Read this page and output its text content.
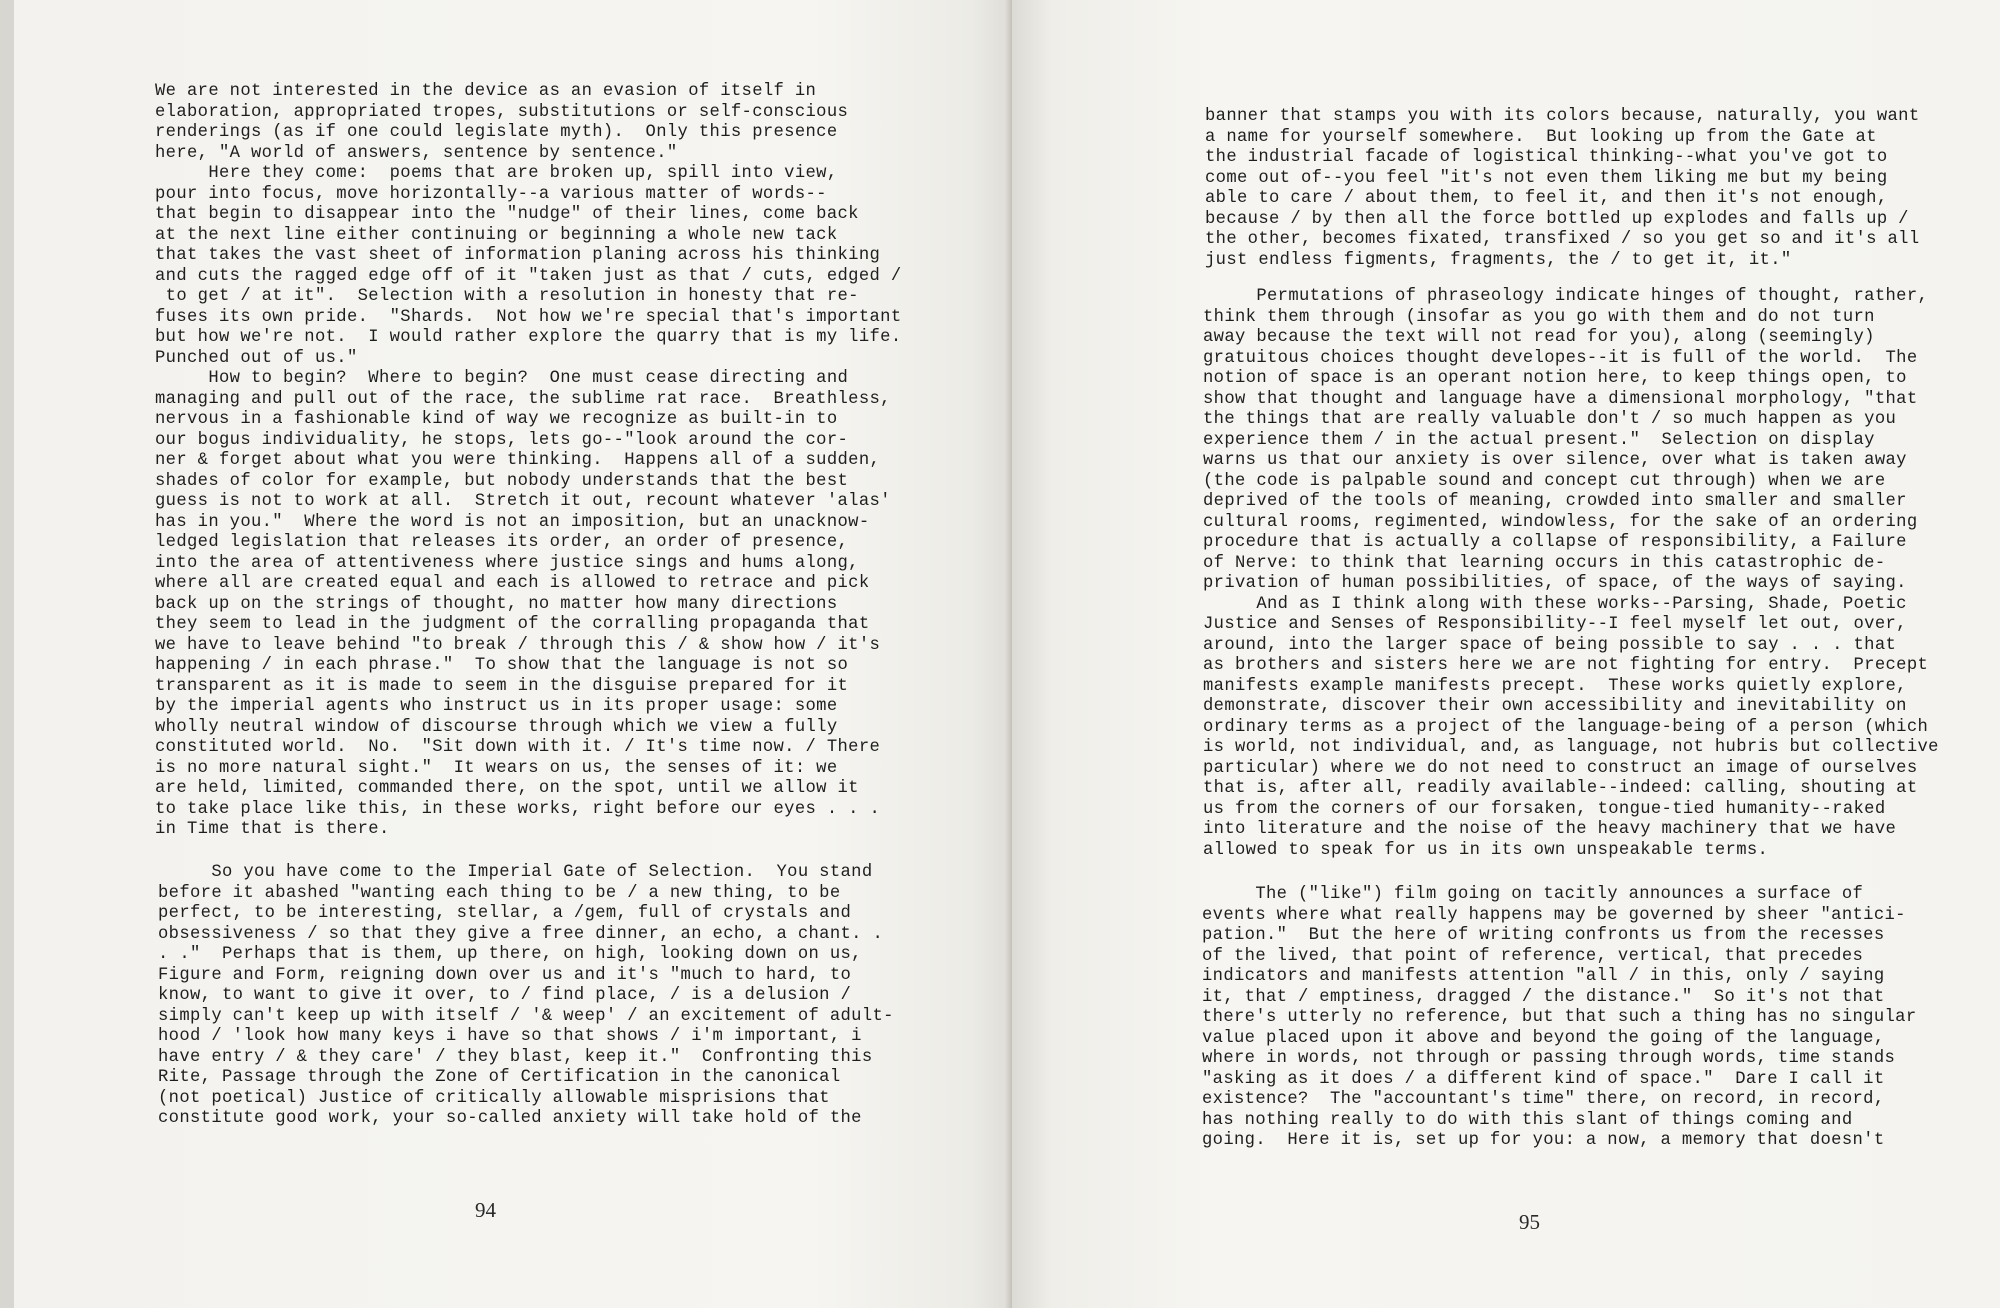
We are not interested in the device as an evasion of itself in
elaboration, appropriated tropes, substitutions or self-conscious
renderings (as if one could legislate myth).  Only this presence
here, "A world of answers, sentence by sentence."
Here they come:  poems that are broken up, spill into view,
pour into focus, move horizontally--a various matter of words--
that begin to disappear into the "nudge" of their lines, come back
at the next line either continuing or beginning a whole new tack
that takes the vast sheet of information planing across his thinking
and cuts the ragged edge off of it "taken just as that / cuts, edged /
to get / at it".  Selection with a resolution in honesty that re-
fuses its own pride.  "Shards.  Not how we're special that's important
but how we're not.  I would rather explore the quarry that is my life.
Punched out of us."
How to begin?  Where to begin?  One must cease directing and
managing and pull out of the race, the sublime rat race.  Breathless,
nervous in a fashionable kind of way we recognize as built-in to
our bogus individuality, he stops, lets go--"look around the cor-
ner & forget about what you were thinking.  Happens all of a sudden,
shades of color for example, but nobody understands that the best
guess is not to work at all.  Stretch it out, recount whatever 'alas'
has in you."  Where the word is not an imposition, but an unacknow-
ledged legislation that releases its order, an order of presence,
into the area of attentiveness where justice sings and hums along,
where all are created equal and each is allowed to retrace and pick
back up on the strings of thought, no matter how many directions
they seem to lead in the judgment of the corralling propaganda that
we have to leave behind "to break / through this / & show how / it's
happening / in each phrase."  To show that the language is not so
transparent as it is made to seem in the disguise prepared for it
by the imperial agents who instruct us in its proper usage: some
wholly neutral window of discourse through which we view a fully
constituted world.  No.  "Sit down with it. / It's time now. / There
is no more natural sight."  It wears on us, the senses of it: we
are held, limited, commanded there, on the spot, until we allow it
to take place like this, in these works, right before our eyes . . .
in Time that is there.
So you have come to the Imperial Gate of Selection.  You stand
before it abashed "wanting each thing to be / a new thing, to be
perfect, to be interesting, stellar, a /gem, full of crystals and
obsessiveness / so that they give a free dinner, an echo, a chant. .
. ."  Perhaps that is them, up there, on high, looking down on us,
Figure and Form, reigning down over us and it's "much to hard, to
know, to want to give it over, to / find place, / is a delusion /
simply can't keep up with itself / '& weep' / an excitement of adult-
hood / 'look how many keys i have so that shows / i'm important, i
have entry / & they care' / they blast, keep it."  Confronting this
Rite, Passage through the Zone of Certification in the canonical
(not poetical) Justice of critically allowable misprisions that
constitute good work, your so-called anxiety will take hold of the
94
banner that stamps you with its colors because, naturally, you want
a name for yourself somewhere.  But looking up from the Gate at
the industrial facade of logistical thinking--what you've got to
come out of--you feel "it's not even them liking me but my being
able to care / about them, to feel it, and then it's not enough,
because / by then all the force bottled up explodes and falls up /
the other, becomes fixated, transfixed / so you get so and it's all
just endless figments, fragments, the / to get it, it."
Permutations of phraseology indicate hinges of thought, rather,
think them through (insofar as you go with them and do not turn
away because the text will not read for you), along (seemingly)
gratuitous choices thought developes--it is full of the world.  The
notion of space is an operant notion here, to keep things open, to
show that thought and language have a dimensional morphology, "that
the things that are really valuable don't / so much happen as you
experience them / in the actual present."  Selection on display
warns us that our anxiety is over silence, over what is taken away
(the code is palpable sound and concept cut through) when we are
deprived of the tools of meaning, crowded into smaller and smaller
cultural rooms, regimented, windowless, for the sake of an ordering
procedure that is actually a collapse of responsibility, a Failure
of Nerve: to think that learning occurs in this catastrophic de-
privation of human possibilities, of space, of the ways of saying.
And as I think along with these works--Parsing, Shade, Poetic
Justice and Senses of Responsibility--I feel myself let out, over,
around, into the larger space of being possible to say . . . that
as brothers and sisters here we are not fighting for entry.  Precept
manifests example manifests precept.  These works quietly explore,
demonstrate, discover their own accessibility and inevitability on
ordinary terms as a project of the language-being of a person (which
is world, not individual, and, as language, not hubris but collective
particular) where we do not need to construct an image of ourselves
that is, after all, readily available--indeed: calling, shouting at
us from the corners of our forsaken, tongue-tied humanity--raked
into literature and the noise of the heavy machinery that we have
allowed to speak for us in its own unspeakable terms.
The ("like") film going on tacitly announces a surface of
events where what really happens may be governed by sheer "antici-
pation."  But the here of writing confronts us from the recesses
of the lived, that point of reference, vertical, that precedes
indicators and manifests attention "all / in this, only / saying
it, that / emptiness, dragged / the distance."  So it's not that
there's utterly no reference, but that such a thing has no singular
value placed upon it above and beyond the going of the language,
where in words, not through or passing through words, time stands
"asking as it does / a different kind of space."  Dare I call it
existence?  The "accountant's time" there, on record, in record,
has nothing really to do with this slant of things coming and
going.  Here it is, set up for you: a now, a memory that doesn't
95
